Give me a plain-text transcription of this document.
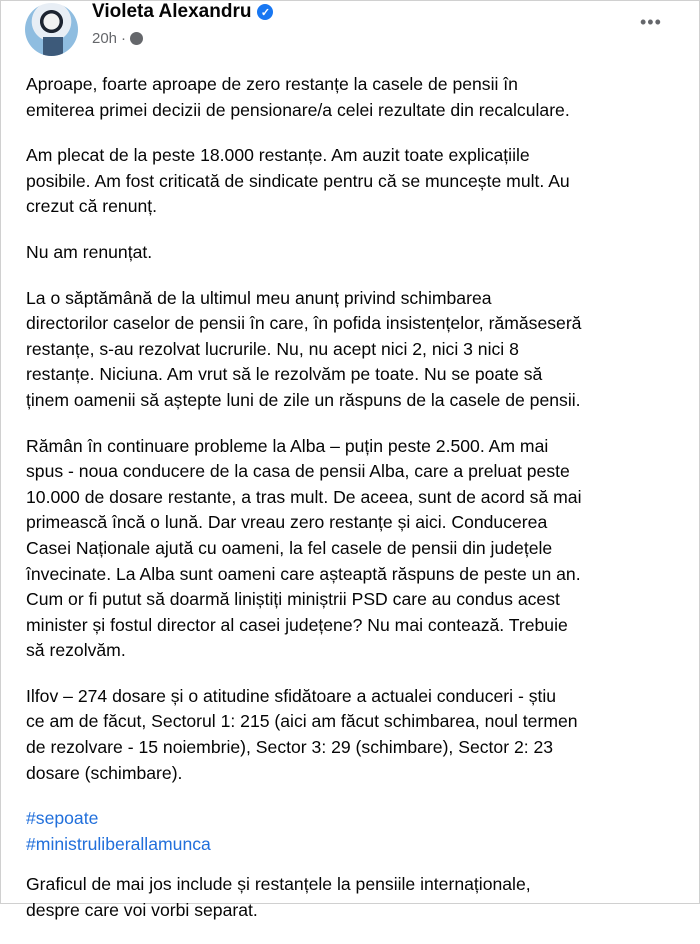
Violeta Alexandru ✓
20h ·
•••
Aproape, foarte aproape de zero restanțe la casele de pensii în
emiterea primei decizii de pensionare/a celei rezultate din recalculare.
Am plecat de la peste 18.000 restanțe. Am auzit toate explicațiile
posibile. Am fost criticată de sindicate pentru că se muncește mult. Au
crezut că renunț.
Nu am renunțat.
La o săptămână de la ultimul meu anunț privind schimbarea
directorilor caselor de pensii în care, în pofida insistențelor, rămăseseră
restanțe, s-au rezolvat lucrurile. Nu, nu acept nici 2, nici 3 nici 8
restanțe. Niciuna. Am vrut să le rezolvăm pe toate. Nu se poate să
ținem oamenii să aștepte luni de zile un răspuns de la casele de pensii.
Rămân în continuare probleme la Alba – puțin peste 2.500. Am mai
spus - noua conducere de la casa de pensii Alba, care a preluat peste
10.000 de dosare restante, a tras mult. De aceea, sunt de acord să mai
primească încă o lună. Dar vreau zero restanțe și aici. Conducerea
Casei Naționale ajută cu oameni, la fel casele de pensii din județele
învecinate. La Alba sunt oameni care așteaptă răspuns de peste un an.
Cum or fi putut să doarmă liniștiți miniștrii PSD care au condus acest
minister și fostul director al casei județene? Nu mai contează. Trebuie
să rezolvăm.
Ilfov – 274 dosare și o atitudine sfidătoare a actualei conduceri - știu
ce am de făcut, Sectorul 1: 215 (aici am făcut schimbarea, noul termen
de rezolvare - 15 noiembrie), Sector 3: 29 (schimbare), Sector 2: 23
dosare (schimbare).
#sepoate
#ministruliberallamunca
Graficul de mai jos include și restanțele la pensiile internaționale,
despre care voi vorbi separat.
